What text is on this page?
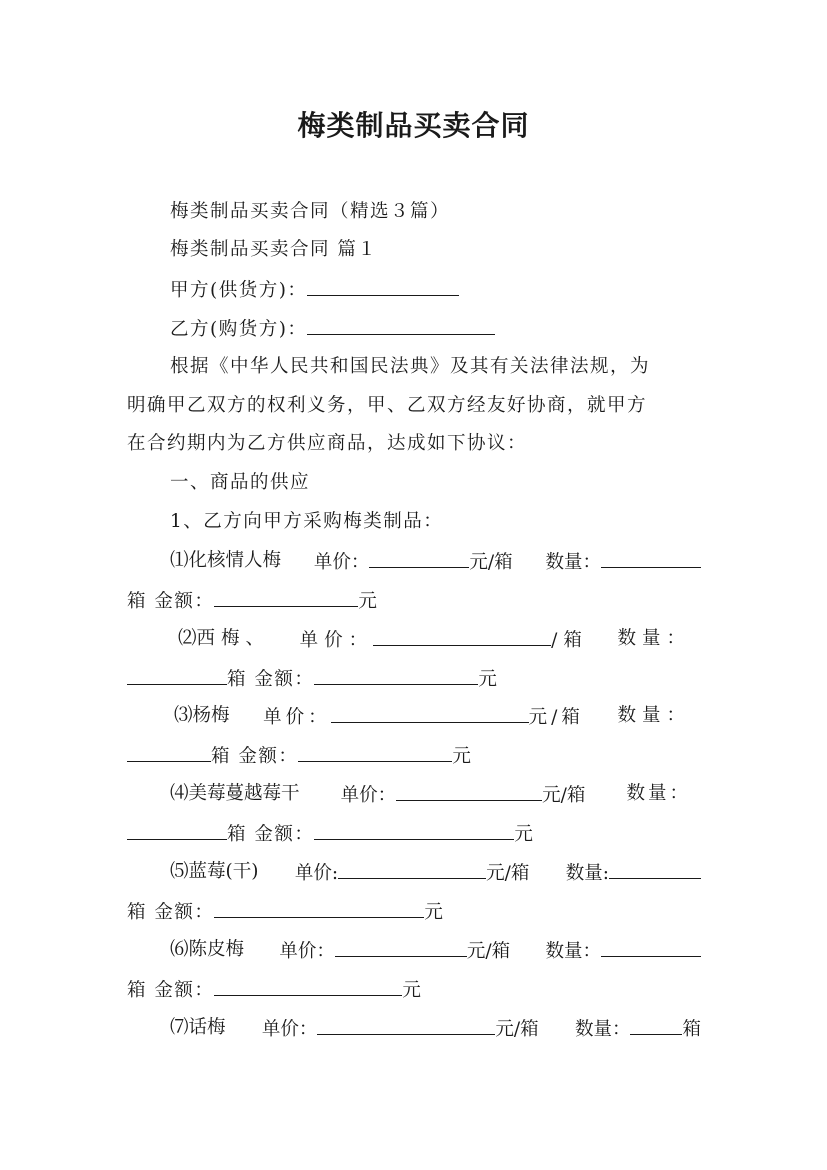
梅类制品买卖合同
梅类制品买卖合同（精选３篇）
梅类制品买卖合同 篇１
甲方(供货方)：
乙方(购货方)：
根据《中华人民共和国民法典》及其有关法律法规，为
明确甲乙双方的权利义务，甲、乙双方经友好协商，就甲方
在合约期内为乙方供应商品，达成如下协议：
一、商品的供应
1、乙方向甲方采购梅类制品：
⑴化核情人梅 单价：	元/箱 数量：
箱 金额：	元
⑵西梅、 单价：	/箱 数量：
箱 金额：	元
⑶杨梅 单价：	元/箱 数量：
箱 金额：	元
⑷美莓蔓越莓干 单价：	元/箱 数量：
箱 金额：	元
⑸蓝莓(干) 单价:	元/箱 数量:
箱 金额：	元
⑹陈皮梅 单价：	元/箱 数量：
箱 金额：	元
⑺话梅 单价：	元/箱 数量：	箱
